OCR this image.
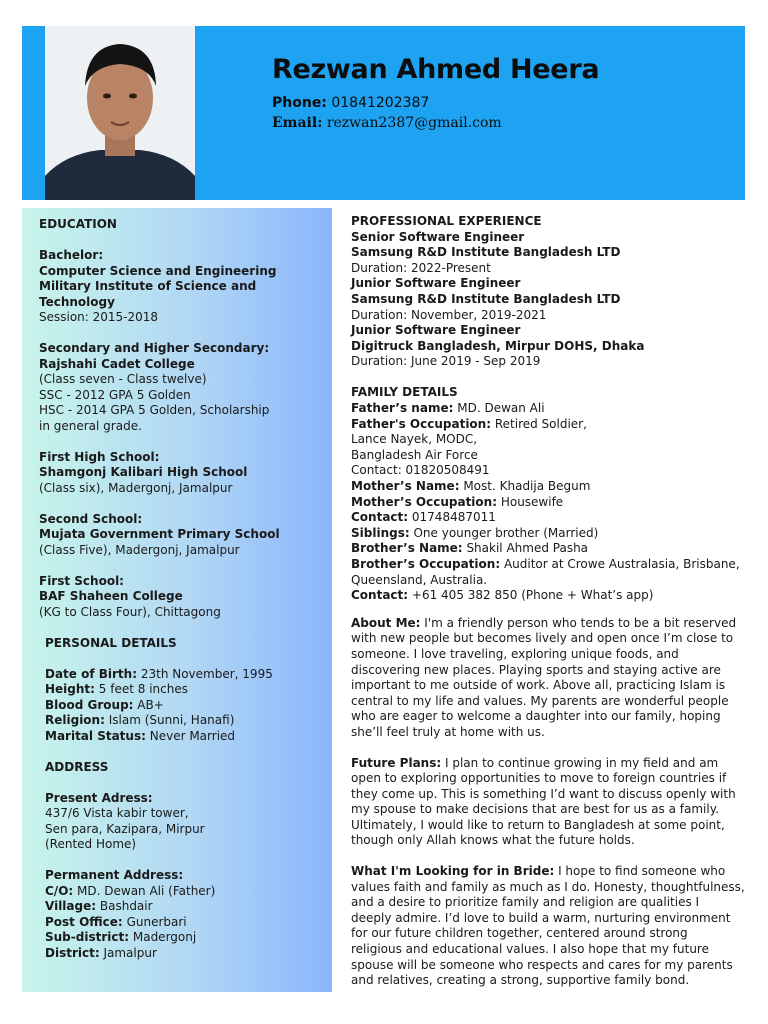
Rezwan Ahmed Heera
Phone: 01841202387
Email: rezwan2387@gmail.com
EDUCATION
Bachelor:
Computer Science and Engineering
Military Institute of Science and
Technology
Session: 2015-2018
Secondary and Higher Secondary:
Rajshahi Cadet College
(Class seven - Class twelve)
SSC - 2012 GPA 5 Golden
HSC - 2014 GPA 5 Golden, Scholarship
in general grade.
First High School:
Shamgonj Kalibari High School
(Class six), Madergonj, Jamalpur
Second School:
Mujata Government Primary School
(Class Five), Madergonj, Jamalpur
First School:
BAF Shaheen College
(KG to Class Four), Chittagong
PERSONAL DETAILS
Date of Birth: 23th November, 1995
Height: 5 feet 8 inches
Blood Group: AB+
Religion: Islam (Sunni, Hanafi)
Marital Status: Never Married
ADDRESS
Present Adress:
437/6 Vista kabir tower,
Sen para, Kazipara, Mirpur
(Rented Home)
Permanent Address:
C/O: MD. Dewan Ali (Father)
Village: Bashdair
Post Office: Gunerbari
Sub-district: Madergonj
District: Jamalpur
PROFESSIONAL EXPERIENCE
Senior Software Engineer
Samsung R&D Institute Bangladesh LTD
Duration: 2022-Present
Junior Software Engineer
Samsung R&D Institute Bangladesh LTD
Duration: November, 2019-2021
Junior Software Engineer
Digitruck Bangladesh, Mirpur DOHS, Dhaka
Duration: June 2019 - Sep 2019
FAMILY DETAILS
Father’s name: MD. Dewan Ali
Father's Occupation: Retired Soldier,
Lance Nayek, MODC,
Bangladesh Air Force
Contact: 01820508491
Mother’s Name: Most. Khadija Begum
Mother’s Occupation: Housewife
Contact: 01748487011
Siblings: One younger brother (Married)
Brother’s Name: Shakil Ahmed Pasha
Brother’s Occupation: Auditor at Crowe Australasia, Brisbane,
Queensland, Australia.
Contact: +61 405 382 850 (Phone + What’s app)
About Me: I'm a friendly person who tends to be a bit reserved
with new people but becomes lively and open once I’m close to
someone. I love traveling, exploring unique foods, and
discovering new places. Playing sports and staying active are
important to me outside of work. Above all, practicing Islam is
central to my life and values. My parents are wonderful people
who are eager to welcome a daughter into our family, hoping
she’ll feel truly at home with us.
Future Plans: I plan to continue growing in my field and am
open to exploring opportunities to move to foreign countries if
they come up. This is something I’d want to discuss openly with
my spouse to make decisions that are best for us as a family.
Ultimately, I would like to return to Bangladesh at some point,
though only Allah knows what the future holds.
What I'm Looking for in Bride: I hope to find someone who
values faith and family as much as I do. Honesty, thoughtfulness,
and a desire to prioritize family and religion are qualities I
deeply admire. I’d love to build a warm, nurturing environment
for our future children together, centered around strong
religious and educational values. I also hope that my future
spouse will be someone who respects and cares for my parents
and relatives, creating a strong, supportive family bond.
